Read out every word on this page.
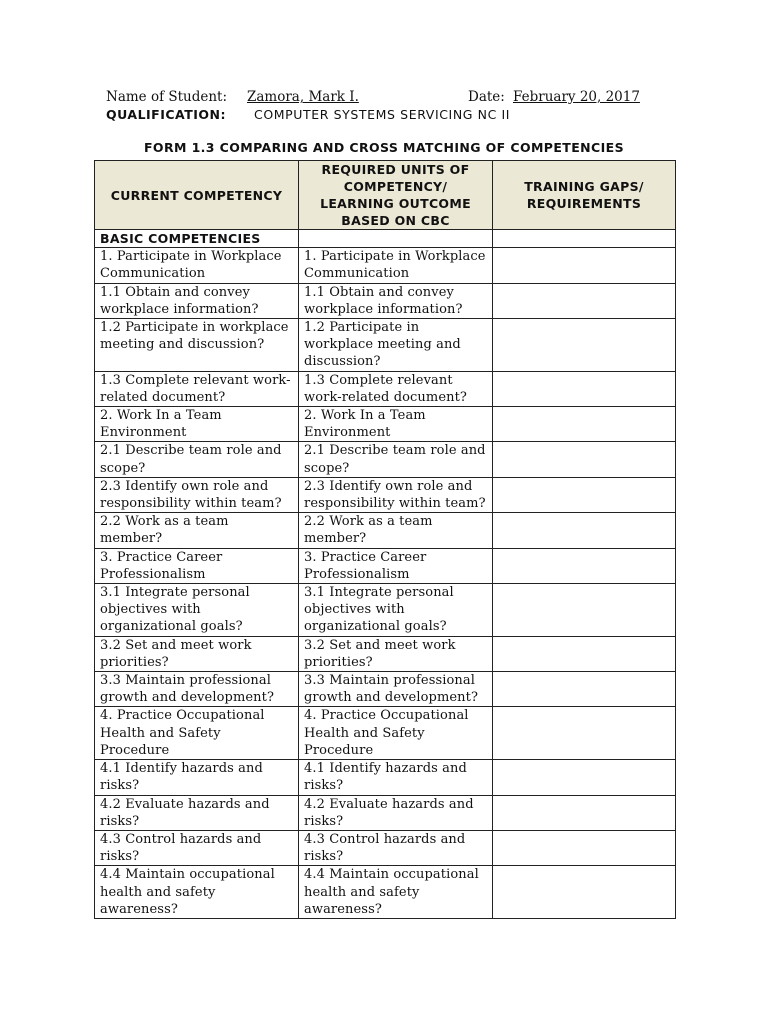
Name of Student: Zamora, Mark I.	Date: February 20, 2017
QUALIFICATION: COMPUTER SYSTEMS SERVICING NC II
FORM 1.3 COMPARING AND CROSS MATCHING OF COMPETENCIES
CURRENT COMPETENCY	REQUIRED UNITS OF COMPETENCY/ LEARNING OUTCOME BASED ON CBC	TRAINING GAPS/ REQUIREMENTS
BASIC COMPETENCIES		
1. Participate in Workplace Communication	1. Participate in Workplace Communication	
1.1 Obtain and convey workplace information?	1.1 Obtain and convey workplace information?	
1.2 Participate in workplace meeting and discussion?	1.2 Participate in workplace meeting and discussion?	
1.3 Complete relevant work-related document?	1.3 Complete relevant work-related document?	
2. Work In a Team Environment	2. Work In a Team Environment	
2.1 Describe team role and scope?	2.1 Describe team role and scope?	
2.3 Identify own role and responsibility within team?	2.3 Identify own role and responsibility within team?	
2.2 Work as a team member?	2.2 Work as a team member?	
3. Practice Career Professionalism	3. Practice Career Professionalism	
3.1 Integrate personal objectives with organizational goals?	3.1 Integrate personal objectives with organizational goals?	
3.2 Set and meet work priorities?	3.2 Set and meet work priorities?	
3.3 Maintain professional growth and development?	3.3 Maintain professional growth and development?	
4. Practice Occupational Health and Safety Procedure	4. Practice Occupational Health and Safety Procedure	
4.1 Identify hazards and risks?	4.1 Identify hazards and risks?	
4.2 Evaluate hazards and risks?	4.2 Evaluate hazards and risks?	
4.3 Control hazards and risks?	4.3 Control hazards and risks?	
4.4 Maintain occupational health and safety awareness?	4.4 Maintain occupational health and safety awareness?	
